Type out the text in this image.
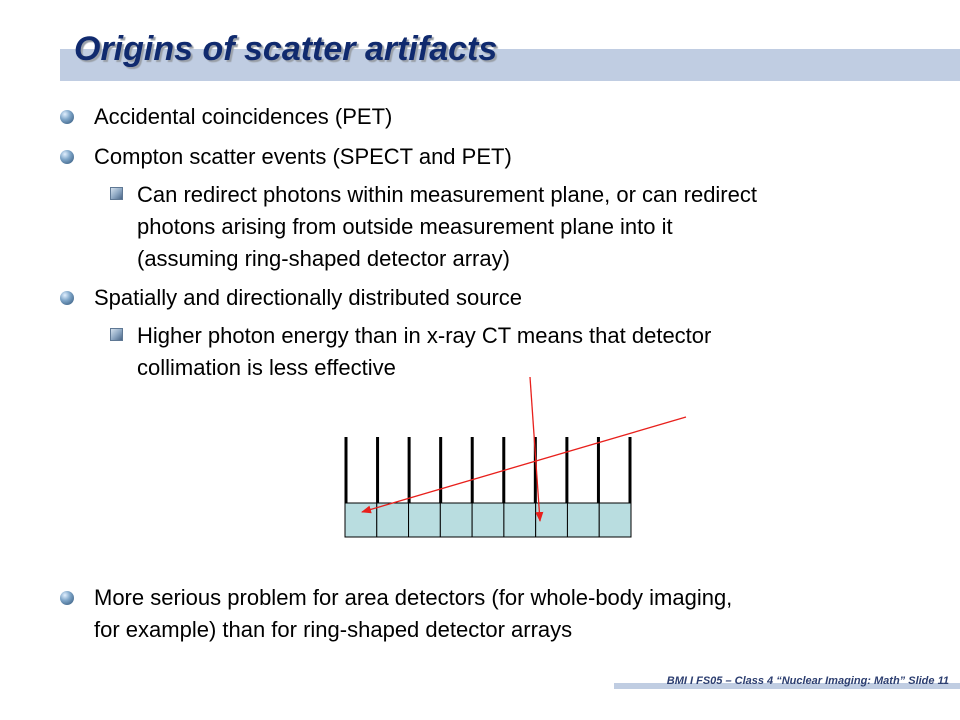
Origins of scatter artifacts
Accidental coincidences (PET)
Compton scatter events (SPECT and PET)
Can redirect photons within measurement plane, or can redirect
photons arising from outside measurement plane into it
(assuming ring-shaped detector array)
Spatially and directionally distributed source
Higher photon energy than in x-ray CT means that detector
collimation is less effective
More serious problem for area detectors (for whole-body imaging,
for example) than for ring-shaped detector arrays
BMI I FS05 – Class 4 “Nuclear Imaging: Math” Slide 11
